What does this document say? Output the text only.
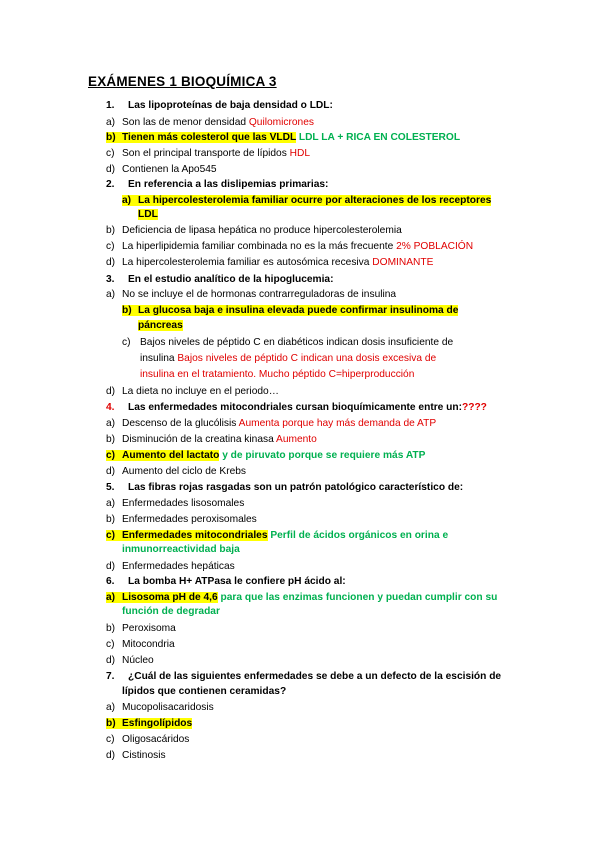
EXÁMENES 1 BIOQUÍMICA 3
1. Las lipoproteínas de baja densidad o LDL:
a) Son las de menor densidad Quilomicrones
b) Tienen más colesterol que las VLDL LDL LA + RICA EN COLESTEROL
c) Son el principal transporte de lípidos HDL
d) Contienen la Apo545
2. En referencia a las dislipemias primarias:
a) La hipercolesterolemia familiar ocurre por alteraciones de los receptores
LDL
b) Deficiencia de lipasa hepática no produce hipercolesterolemia
c) La hiperlipidemia familiar combinada no es la más frecuente 2% POBLACIÓN
d) La hipercolesterolemia familiar es autosómica recesiva DOMINANTE
3. En el estudio analítico de la hipoglucemia:
a) No se incluye el de hormonas contrarreguladoras de insulina
b) La glucosa baja e insulina elevada puede confirmar insulinoma de
páncreas
c) Bajos niveles de péptido C en diabéticos indican dosis insuficiente de
insulina Bajos niveles de péptido C indican una dosis excesiva de
insulina en el tratamiento. Mucho péptido C=hiperproducción
d) La dieta no incluye en el periodo…
4. Las enfermedades mitocondriales cursan bioquímicamente entre un:????
a) Descenso de la glucólisis Aumenta porque hay más demanda de ATP
b) Disminución de la creatina kinasa Aumento
c) Aumento del lactato y de piruvato porque se requiere más ATP
d) Aumento del ciclo de Krebs
5. Las fibras rojas rasgadas son un patrón patológico característico de:
a) Enfermedades lisosomales
b) Enfermedades peroxisomales
c) Enfermedades mitocondriales Perfil de ácidos orgánicos en orina e
inmunorreactividad baja
d) Enfermedades hepáticas
6. La bomba H+ ATPasa le confiere pH ácido al:
a) Lisosoma pH de 4,6 para que las enzimas funcionen y puedan cumplir con su
función de degradar
b) Peroxisoma
c) Mitocondria
d) Núcleo
7. ¿Cuál de las siguientes enfermedades se debe a un defecto de la escisión de
lípidos que contienen ceramidas?
a) Mucopolisacaridosis
b) Esfingolípidos
c) Oligosacáridos
d) Cistinosis
